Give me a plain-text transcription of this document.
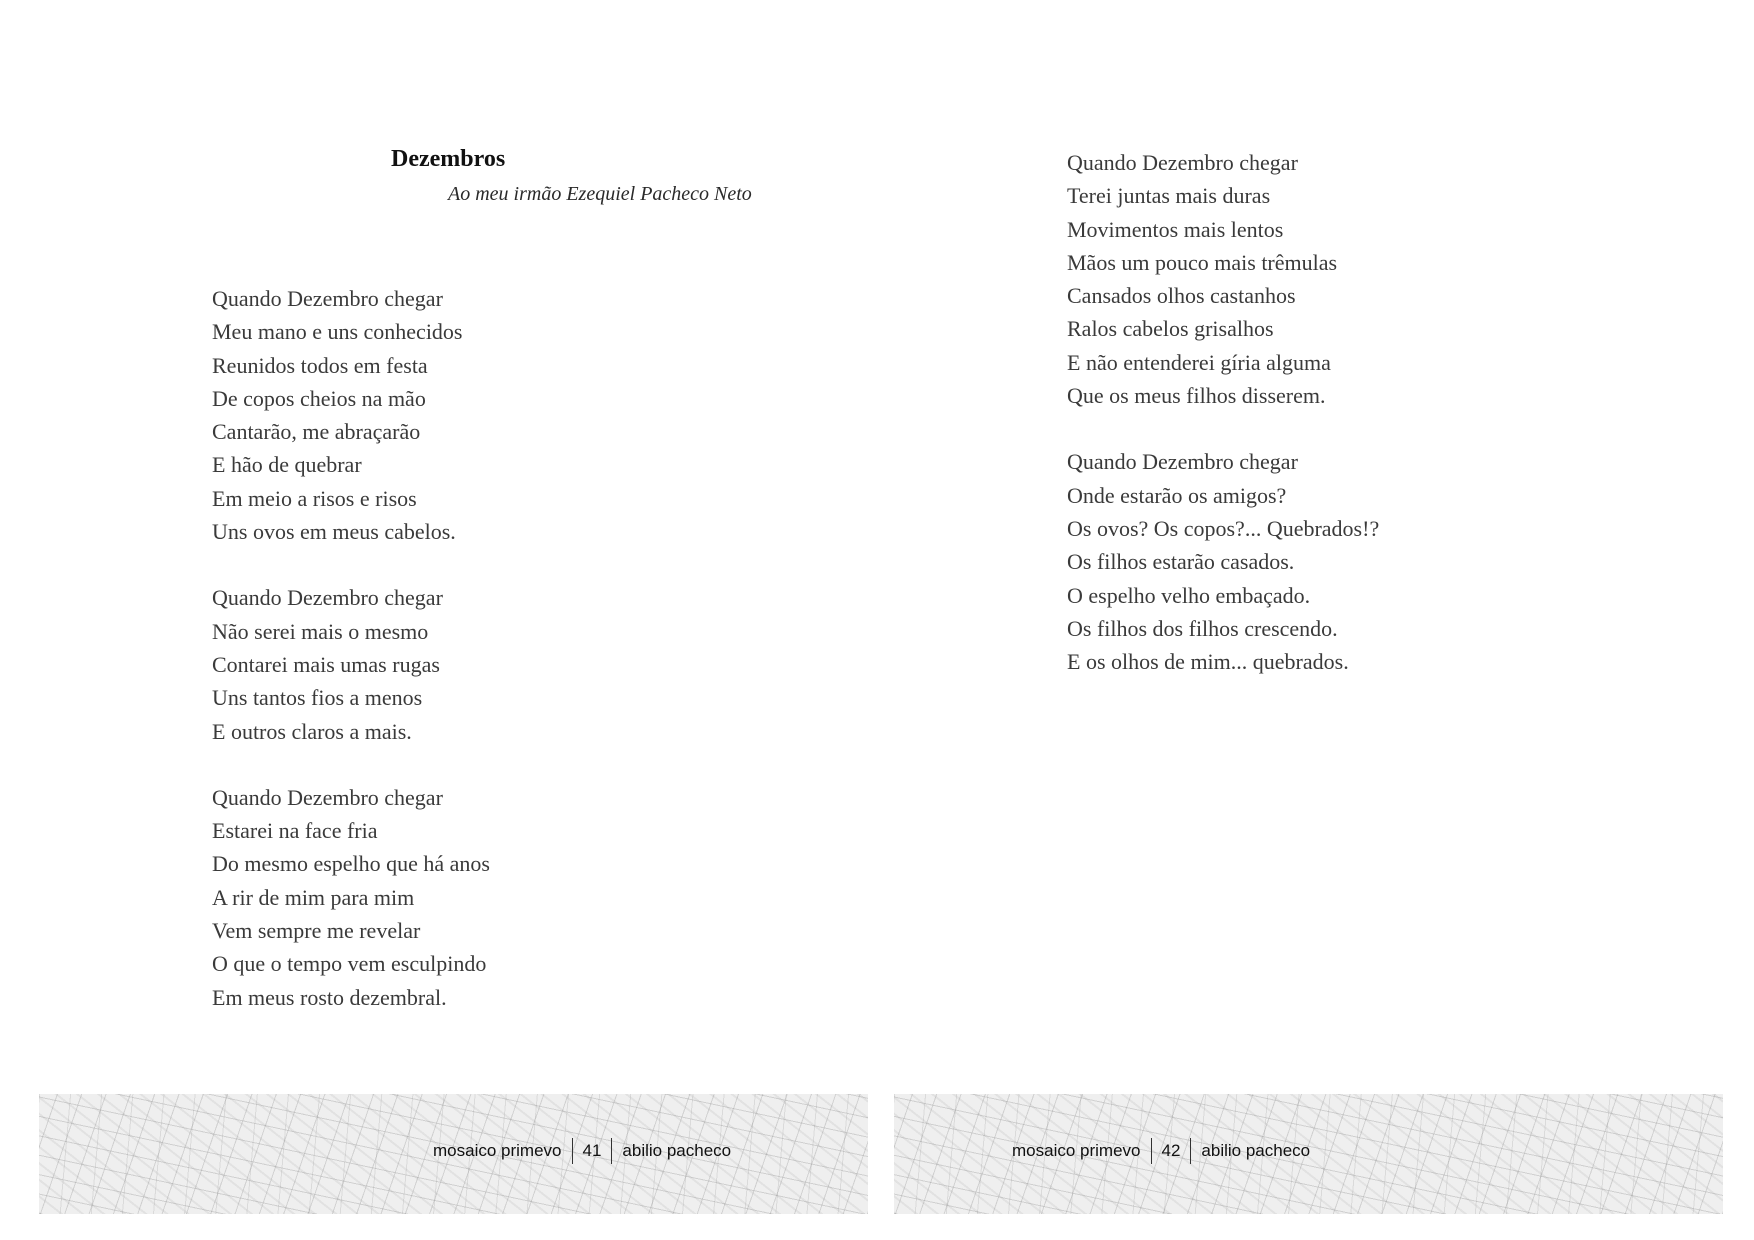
Dezembros

Ao meu irmão Ezequiel Pacheco Neto

Quando Dezembro chegar
Meu mano e uns conhecidos
Reunidos todos em festa
De copos cheios na mão
Cantarão, me abraçarão
E hão de quebrar
Em meio a risos e risos
Uns ovos em meus cabelos.

Quando Dezembro chegar
Não serei mais o mesmo
Contarei mais umas rugas
Uns tantos fios a menos
E outros claros a mais.

Quando Dezembro chegar
Estarei na face fria
Do mesmo espelho que há anos
A rir de mim para mim
Vem sempre me revelar
O que o tempo vem esculpindo
Em meus rosto dezembral.

mosaico primevo 41 abilio pacheco

Quando Dezembro chegar
Terei juntas mais duras
Movimentos mais lentos
Mãos um pouco mais trêmulas
Cansados olhos castanhos
Ralos cabelos grisalhos
E não entenderei gíria alguma
Que os meus filhos disserem.

Quando Dezembro chegar
Onde estarão os amigos?
Os ovos? Os copos?... Quebrados!?
Os filhos estarão casados.
O espelho velho embaçado.
Os filhos dos filhos crescendo.
E os olhos de mim... quebrados.

mosaico primevo 42 abilio pacheco
